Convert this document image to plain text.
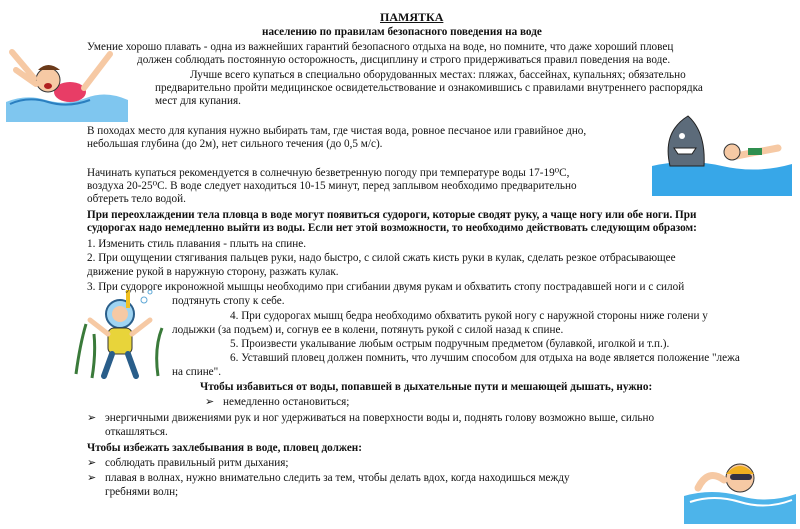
ПАМЯТКА
населению по правилам безопасного поведения на воде
Умение хорошо плавать - одна из важнейших гарантий безопасного отдыха на воде, но помните, что даже хороший пловец
должен соблюдать постоянную осторожность, дисциплину и строго придерживаться правил поведения на воде.
Лучше всего купаться в специально оборудованных местах: пляжах, бассейнах, купальнях; обязательно
предварительно пройти медицинское освидетельствование и ознакомившись с правилами внутреннего распорядка
мест для купания.
В походах место для купания нужно выбирать там, где чистая вода, ровное песчаное или гравийное дно,
небольшая глубина (до 2м), нет сильного течения (до 0,5 м/с).
Начинать купаться рекомендуется в солнечную безветренную погоду при температуре воды 17-19⁰С,
воздуха 20-25⁰С. В воде следует находиться 10-15 минут, перед заплывом необходимо предварительно
обтереть тело водой.
При переохлаждении тела пловца в воде могут появиться судороги, которые сводят руку, а чаще ногу или обе ноги. При
судорогах надо немедленно выйти из воды. Если нет этой возможности, то необходимо действовать следующим образом:
1. Изменить стиль плавания - плыть на спине.
2. При ощущении стягивания пальцев руки, надо быстро, с силой сжать кисть руки в кулак, сделать резкое отбрасывающее
движение рукой в наружную сторону, разжать кулак.
3. При судороге икроножной мышцы необходимо при сгибании двумя рукам и обхватить стопу пострадавшей ноги и с силой
подтянуть стопу к себе.
4. При судорогах мышц бедра необходимо обхватить рукой ногу с наружной стороны ниже голени у
лодыжки (за подъем) и, согнув ее в колени, потянуть рукой с силой назад к спине.
5. Произвести укалывание любым острым подручным предметом (булавкой, иголкой и т.п.).
6. Уставший пловец должен помнить, что лучшим способом для отдыха на воде является положение "лежа
на спине".
Чтобы избавиться от воды, попавшей в дыхательные пути и мешающей дышать, нужно:
➢ немедленно остановиться;
➢ энергичными движениями рук и ног удерживаться на поверхности воды и, поднять голову возможно выше, сильно
откашляться.
Чтобы избежать захлебывания в воде, пловец должен:
➢ соблюдать правильный ритм дыхания;
➢ плавая в волнах, нужно внимательно следить за тем, чтобы делать вдох, когда находишься между
гребнями волн;
